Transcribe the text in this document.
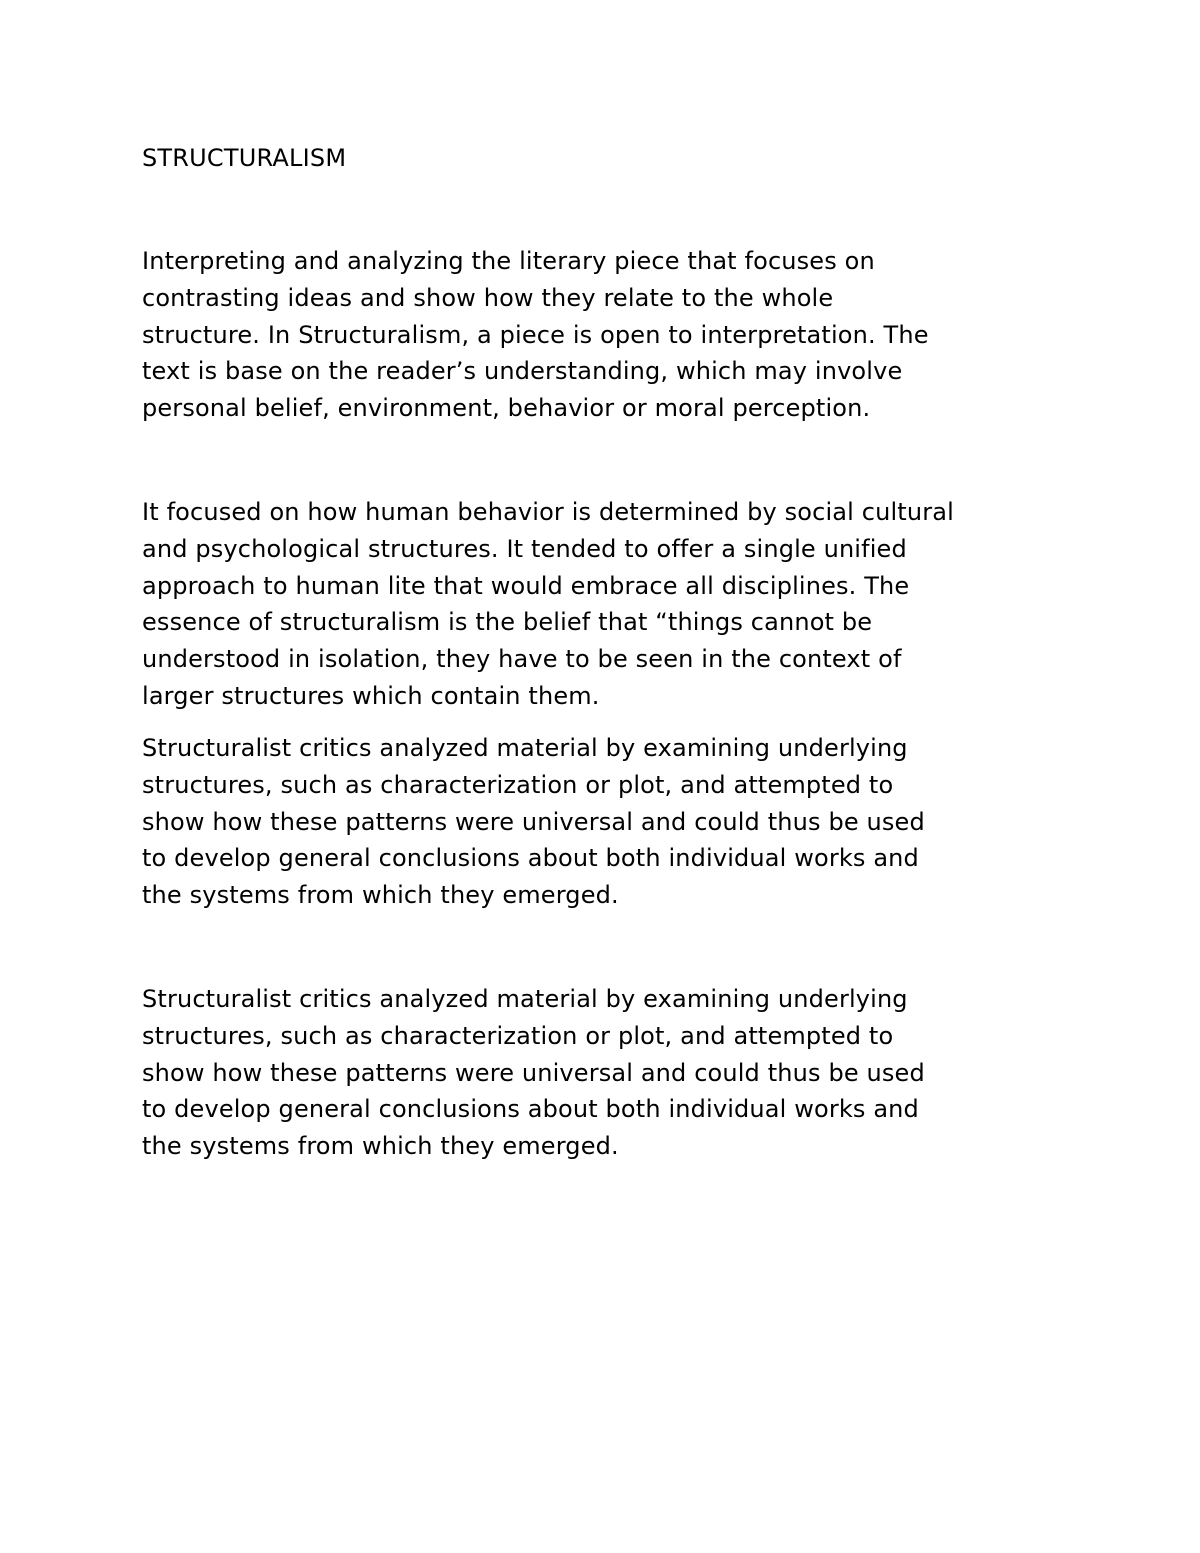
STRUCTURALISM

Interpreting and analyzing the literary piece that focuses on
contrasting ideas and show how they relate to the whole
structure. In Structuralism, a piece is open to interpretation. The
text is base on the reader’s understanding, which may involve
personal belief, environment, behavior or moral perception.

It focused on how human behavior is determined by social cultural
and psychological structures. It tended to offer a single unified
approach to human lite that would embrace all disciplines. The
essence of structuralism is the belief that “things cannot be
understood in isolation, they have to be seen in the context of
larger structures which contain them.

Structuralist critics analyzed material by examining underlying
structures, such as characterization or plot, and attempted to
show how these patterns were universal and could thus be used
to develop general conclusions about both individual works and
the systems from which they emerged.

Structuralist critics analyzed material by examining underlying
structures, such as characterization or plot, and attempted to
show how these patterns were universal and could thus be used
to develop general conclusions about both individual works and
the systems from which they emerged.
